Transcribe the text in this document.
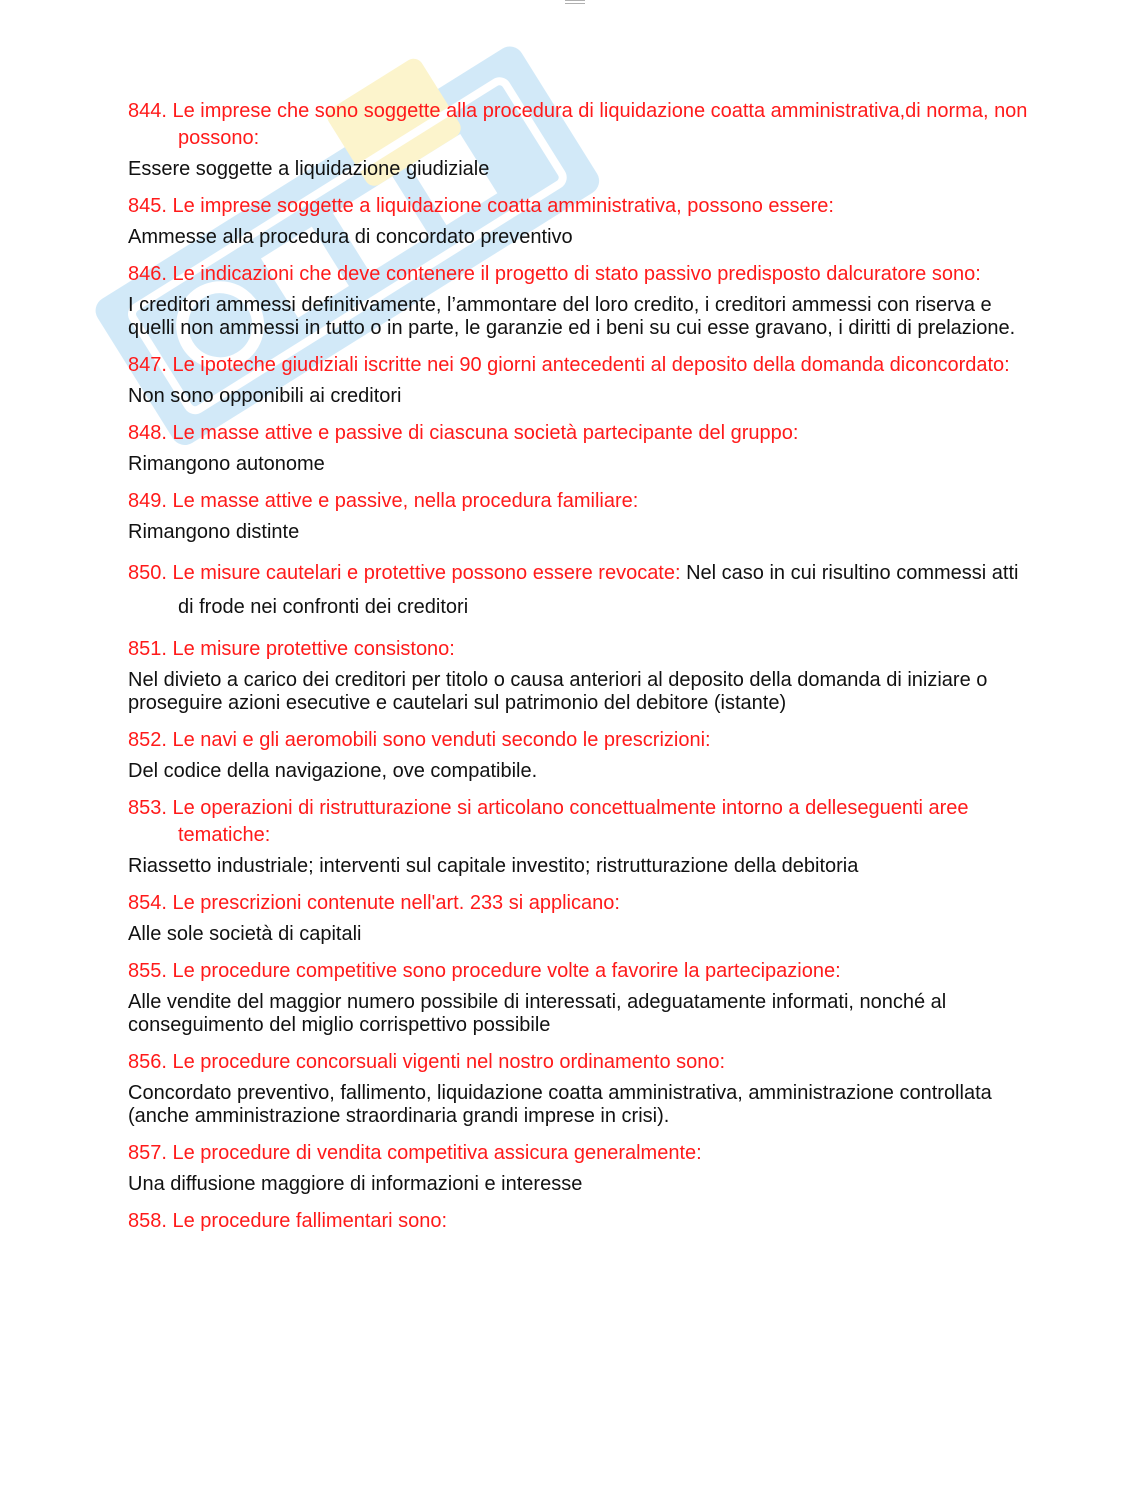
844. Le imprese che sono soggette alla procedura di liquidazione coatta amministrativa,di norma, non possono:

Essere soggette a liquidazione giudiziale

845. Le imprese soggette a liquidazione coatta amministrativa, possono essere:

Ammesse alla procedura di concordato preventivo

846. Le indicazioni che deve contenere il progetto di stato passivo predisposto dalcuratore sono:

I creditori ammessi definitivamente, l’ammontare del loro credito, i creditori ammessi con riserva e quelli non ammessi in tutto o in parte, le garanzie ed i beni su cui esse gravano, i diritti di prelazione.

847. Le ipoteche giudiziali iscritte nei 90 giorni antecedenti al deposito della domanda diconcordato:

Non sono opponibili ai creditori

848. Le masse attive e passive di ciascuna società partecipante del gruppo:

Rimangono autonome

849. Le masse attive e passive, nella procedura familiare:

Rimangono distinte

850. Le misure cautelari e protettive possono essere revocate: Nel caso in cui risultino commessi atti di frode nei confronti dei creditori

851. Le misure protettive consistono:

Nel divieto a carico dei creditori per titolo o causa anteriori al deposito della domanda di iniziare o proseguire azioni esecutive e cautelari sul patrimonio del debitore (istante)

852. Le navi e gli aeromobili sono venduti secondo le prescrizioni:

Del codice della navigazione, ove compatibile.

853. Le operazioni di ristrutturazione si articolano concettualmente intorno a delleseguenti aree tematiche:

Riassetto industriale; interventi sul capitale investito; ristrutturazione della debitoria

854. Le prescrizioni contenute nell'art. 233 si applicano:

Alle sole società di capitali

855. Le procedure competitive sono procedure volte a favorire la partecipazione:

Alle vendite del maggior numero possibile di interessati, adeguatamente informati, nonché al conseguimento del miglio corrispettivo possibile

856. Le procedure concorsuali vigenti nel nostro ordinamento sono:

Concordato preventivo, fallimento, liquidazione coatta amministrativa, amministrazione controllata (anche amministrazione straordinaria grandi imprese in crisi).

857. Le procedure di vendita competitiva assicura generalmente:

Una diffusione maggiore di informazioni e interesse

858. Le procedure fallimentari sono:
